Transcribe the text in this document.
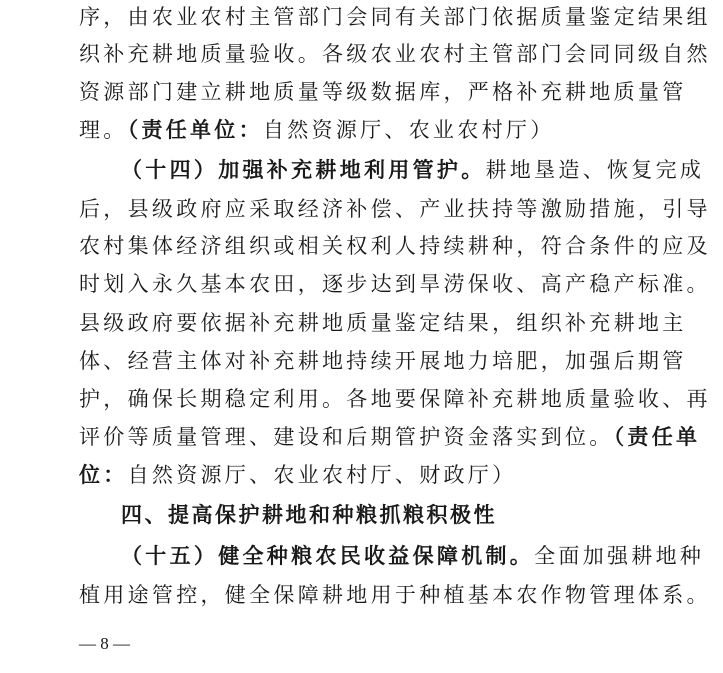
序，由农业农村主管部门会同有关部门依据质量鉴定结果组
织补充耕地质量验收。各级农业农村主管部门会同同级自然
资源部门建立耕地质量等级数据库，严格补充耕地质量管
理。（责任单位：自然资源厅、农业农村厅）
（十四）加强补充耕地利用管护。耕地垦造、恢复完成
后，县级政府应采取经济补偿、产业扶持等激励措施，引导
农村集体经济组织或相关权利人持续耕种，符合条件的应及
时划入永久基本农田，逐步达到旱涝保收、高产稳产标准。
县级政府要依据补充耕地质量鉴定结果，组织补充耕地主
体、经营主体对补充耕地持续开展地力培肥，加强后期管
护，确保长期稳定利用。各地要保障补充耕地质量验收、再
评价等质量管理、建设和后期管护资金落实到位。（责任单
位：自然资源厅、农业农村厅、财政厅）
四、提高保护耕地和种粮抓粮积极性
（十五）健全种粮农民收益保障机制。全面加强耕地种
植用途管控，健全保障耕地用于种植基本农作物管理体系。
— 8 —
